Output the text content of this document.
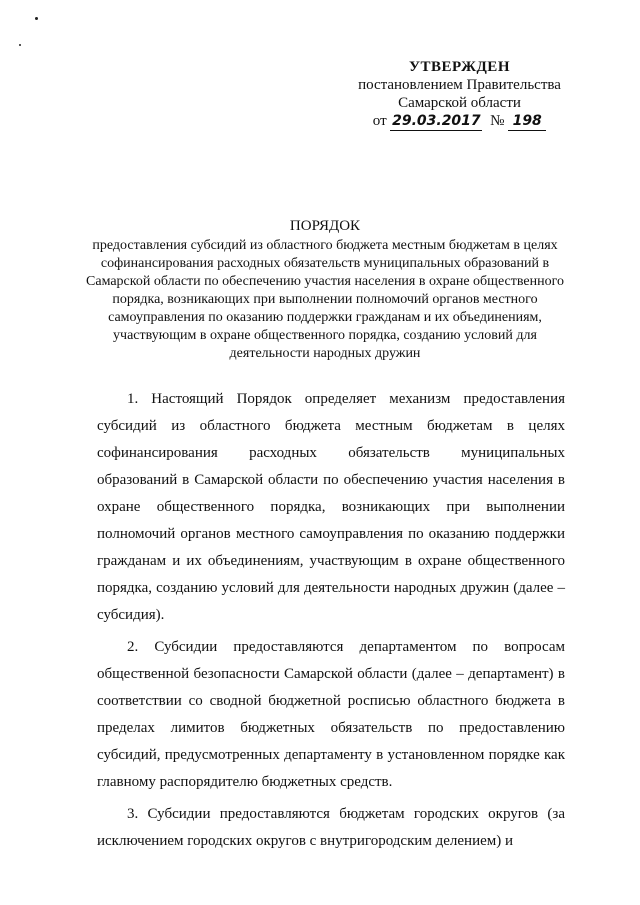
УТВЕРЖДЕН
постановлением Правительства
Самарской области
от 29.03.2017 № 198
ПОРЯДОК
предоставления субсидий из областного бюджета местным бюджетам в целях софинансирования расходных обязательств муниципальных образований в Самарской области по обеспечению участия населения в охране общественного порядка, возникающих при выполнении полномочий органов местного самоуправления по оказанию поддержки гражданам и их объединениям, участвующим в охране общественного порядка, созданию условий для деятельности народных дружин

1. Настоящий Порядок определяет механизм предоставления субсидий из областного бюджета местным бюджетам в целях софинансирования расходных обязательств муниципальных образований в Самарской области по обеспечению участия населения в охране общественного порядка, возникающих при выполнении полномочий органов местного самоуправления по оказанию поддержки гражданам и их объединениям, участвующим в охране общественного порядка, созданию условий для деятельности народных дружин (далее – субсидия).

2. Субсидии предоставляются департаментом по вопросам общественной безопасности Самарской области (далее – департамент) в соответствии со сводной бюджетной росписью областного бюджета в пределах лимитов бюджетных обязательств по предоставлению субсидий, предусмотренных департаменту в установленном порядке как главному распорядителю бюджетных средств.

3. Субсидии предоставляются бюджетам городских округов (за исключением городских округов с внутригородским делением) и
